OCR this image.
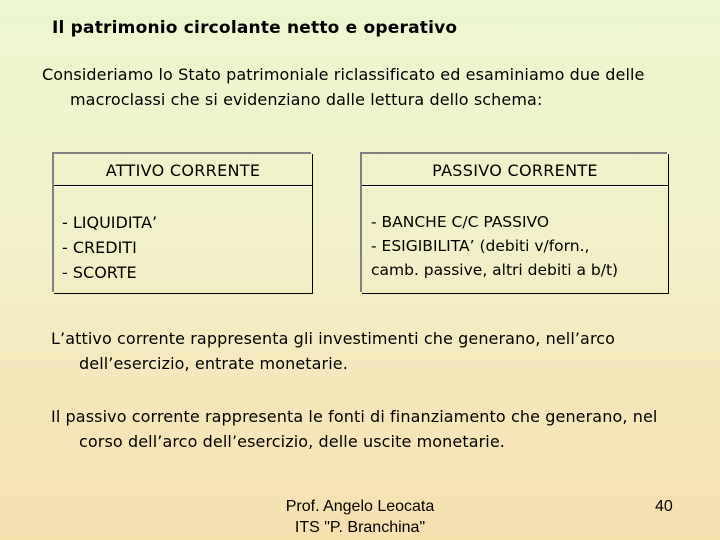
Il patrimonio circolante netto e operativo
Consideriamo lo Stato patrimoniale riclassificato ed esaminiamo due delle
macroclassi che si evidenziano dalle lettura dello schema:
ATTIVO CORRENTE
- LIQUIDITA’
- CREDITI
- SCORTE
PASSIVO CORRENTE
- BANCHE C/C PASSIVO
- ESIGIBILITA’ (debiti v/forn.,
camb. passive, altri debiti a b/t)
L’attivo corrente rappresenta gli investimenti che generano, nell’arco
dell’esercizio, entrate monetarie.
Il passivo corrente rappresenta le fonti di finanziamento che generano, nel
corso dell’arco dell’esercizio, delle uscite monetarie.
Prof. Angelo Leocata
ITS "P. Branchina"
40
